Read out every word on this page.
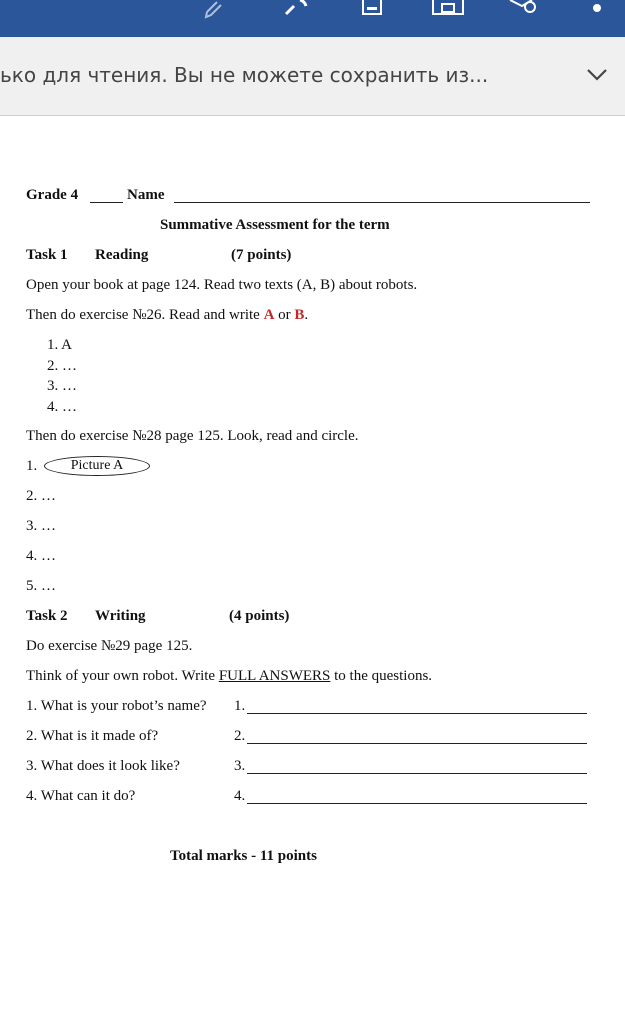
ько для чтения. Вы не можете сохранить из...
Grade 4	Name
Summative Assessment for the term
Task 1 Reading	(7 points)
Open your book at page 124. Read two texts (A, B) about robots.
Then do exercise №26. Read and write A or B.
1. A
2. …
3. …
4. …
Then do exercise №28 page 125. Look, read and circle.
1.	Picture A
2. …
3. …
4. …
5. …
Task 2 Writing	(4 points)
Do exercise №29 page 125.
Think of your own robot. Write FULL ANSWERS to the questions.
1. What is your robot’s name? 1.
2. What is it made of?	2.
3. What does it look like?	3.
4. What can it do?	4.
Total marks - 11 points
